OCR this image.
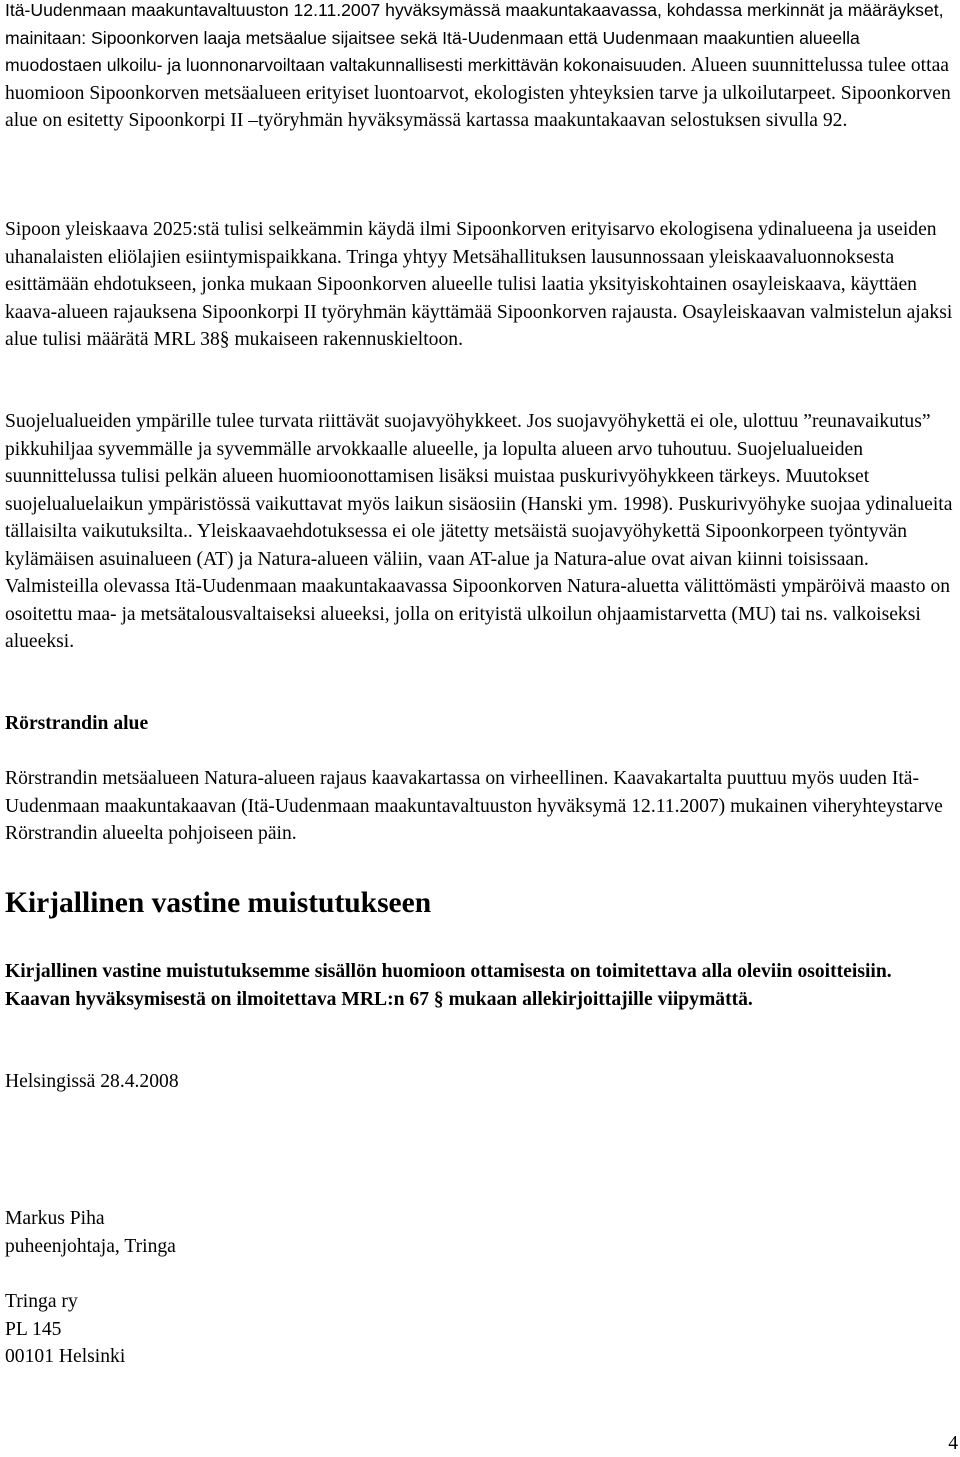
Itä-Uudenmaan maakuntavaltuuston 12.11.2007 hyväksymässä maakuntakaavassa, kohdassa merkinnät ja määräykset, mainitaan: Sipoonkorven laaja metsäalue sijaitsee sekä Itä-Uudenmaan että Uudenmaan maakuntien alueella muodostaen ulkoilu- ja luonnonarvoiltaan valtakunnallisesti merkittävän kokonaisuuden. Alueen suunnittelussa tulee ottaa huomioon Sipoonkorven metsäalueen erityiset luontoarvot, ekologisten yhteyksien tarve ja ulkoilutarpeet. Sipoonkorven alue on esitetty Sipoonkorpi II –työryhmän hyväksymässä kartassa maakuntakaavan selostuksen sivulla 92.

Sipoon yleiskaava 2025:stä tulisi selkeämmin käydä ilmi Sipoonkorven erityisarvo ekologisena ydinalueena ja useiden uhanalaisten eliölajien esiintymispaikkana. Tringa yhtyy Metsähallituksen lausunnossaan yleiskaavaluonnoksesta esittämään ehdotukseen, jonka mukaan Sipoonkorven alueelle tulisi laatia yksityiskohtainen osayleiskaava, käyttäen kaava-alueen rajauksena Sipoonkorpi II työryhmän käyttämää Sipoonkorven rajausta. Osayleiskaavan valmistelun ajaksi alue tulisi määrätä MRL 38§ mukaiseen rakennuskieltoon.

Suojelualueiden ympärille tulee turvata riittävät suojavyöhykkeet. Jos suojavyöhykettä ei ole, ulottuu ”reunavaikutus” pikkuhiljaa syvemmälle ja syvemmälle arvokkaalle alueelle, ja lopulta alueen arvo tuhoutuu. Suojelualueiden suunnittelussa tulisi pelkän alueen huomioonottamisen lisäksi muistaa puskurivyöhykkeen tärkeys. Muutokset suojelualuelaikun ympäristössä vaikuttavat myös laikun sisäosiin (Hanski ym. 1998). Puskurivyöhyke suojaa ydinalueita tällaisilta vaikutuksilta.. Yleiskaavaehdotuksessa ei ole jätetty metsäistä suojavyöhykettä Sipoonkorpeen työntyvän kylämäisen asuinalueen (AT) ja Natura-alueen väliin, vaan AT-alue ja Natura-alue ovat aivan kiinni toisissaan. Valmisteilla olevassa Itä-Uudenmaan maakuntakaavassa Sipoonkorven Natura-aluetta välittömästi ympäröivä maasto on osoitettu maa- ja metsätalousvaltaiseksi alueeksi, jolla on erityistä ulkoilun ohjaamistarvetta (MU) tai ns. valkoiseksi alueeksi.

Rörstrandin alue

Rörstrandin metsäalueen Natura-alueen rajaus kaavakartassa on virheellinen. Kaavakartalta puuttuu myös uuden Itä-Uudenmaan maakuntakaavan (Itä-Uudenmaan maakuntavaltuuston hyväksymä 12.11.2007) mukainen viheryhteystarve Rörstrandin alueelta pohjoiseen päin.

Kirjallinen vastine muistutukseen

Kirjallinen vastine muistutuksemme sisällön huomioon ottamisesta on toimitettava alla oleviin osoitteisiin. Kaavan hyväksymisestä on ilmoitettava MRL:n 67 § mukaan allekirjoittajille viipymättä.

Helsingissä 28.4.2008

Markus Piha
puheenjohtaja, Tringa
Tringa ry
PL 145
00101 Helsinki
4
